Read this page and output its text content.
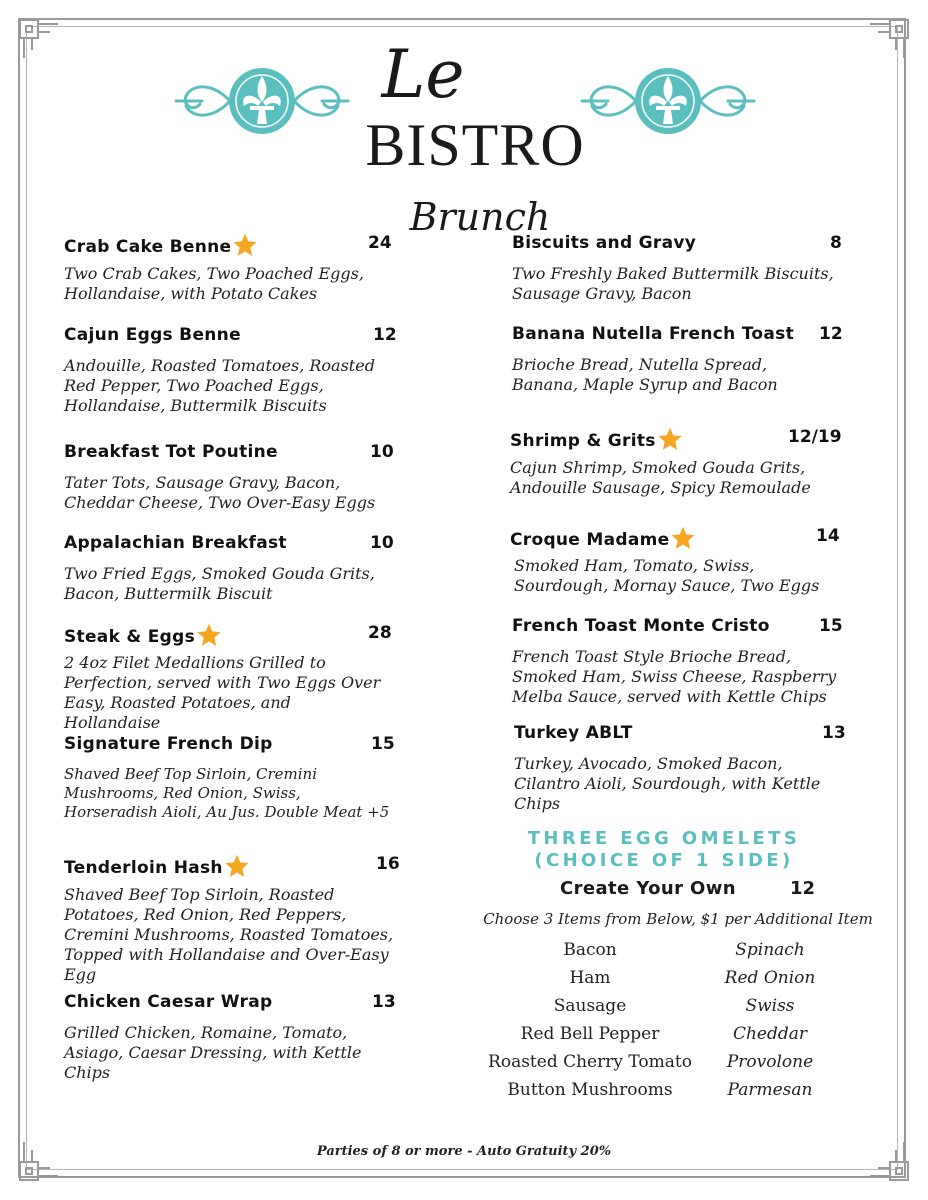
Le
BISTRO
Brunch
Crab Cake Benne	24
Two Crab Cakes, Two Poached Eggs,
Hollandaise, with Potato Cakes
Cajun Eggs Benne	12
Andouille, Roasted Tomatoes, Roasted
Red Pepper, Two Poached Eggs,
Hollandaise, Buttermilk Biscuits
Breakfast Tot Poutine	10
Tater Tots, Sausage Gravy, Bacon,
Cheddar Cheese, Two Over-Easy Eggs
Appalachian Breakfast	10
Two Fried Eggs, Smoked Gouda Grits,
Bacon, Buttermilk Biscuit
Steak & Eggs	28
2 4oz Filet Medallions Grilled to
Perfection, served with Two Eggs Over
Easy, Roasted Potatoes, and
Hollandaise
Signature French Dip	15
Shaved Beef Top Sirloin, Cremini
Mushrooms, Red Onion, Swiss,
Horseradish Aioli, Au Jus. Double Meat +5
Tenderloin Hash	16
Shaved Beef Top Sirloin, Roasted
Potatoes, Red Onion, Red Peppers,
Cremini Mushrooms, Roasted Tomatoes,
Topped with Hollandaise and Over-Easy
Egg
Chicken Caesar Wrap	13
Grilled Chicken, Romaine, Tomato,
Asiago, Caesar Dressing, with Kettle
Chips
Biscuits and Gravy	8
Two Freshly Baked Buttermilk Biscuits,
Sausage Gravy, Bacon
Banana Nutella French Toast 12
Brioche Bread, Nutella Spread,
Banana, Maple Syrup and Bacon
Shrimp & Grits	12/19
Cajun Shrimp, Smoked Gouda Grits,
Andouille Sausage, Spicy Remoulade
Croque Madame	14
Smoked Ham, Tomato, Swiss,
Sourdough, Mornay Sauce, Two Eggs
French Toast Monte Cristo	15
French Toast Style Brioche Bread,
Smoked Ham, Swiss Cheese, Raspberry
Melba Sauce, served with Kettle Chips
Turkey ABLT	13
Turkey, Avocado, Smoked Bacon,
Cilantro Aioli, Sourdough, with Kettle
Chips
THREE EGG OMELETS
(CHOICE OF 1 SIDE)
Create Your Own	12
Choose 3 Items from Below, $1 per Additional Item
Bacon
Ham
Sausage
Red Bell Pepper
Roasted Cherry Tomato
Button Mushrooms
Spinach
Red Onion
Swiss
Cheddar
Provolone
Parmesan
Parties of 8 or more - Auto Gratuity 20%
